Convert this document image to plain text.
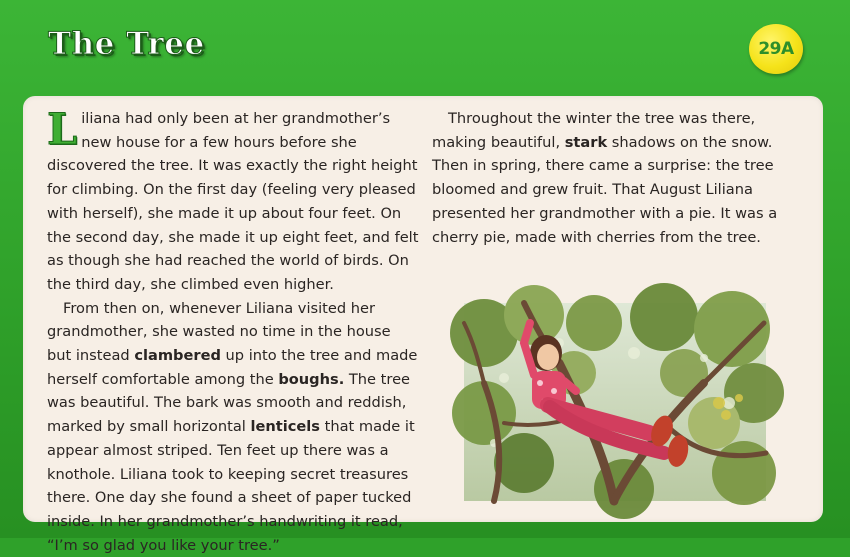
The Tree	29A

Liliana had only been at her grandmother’s new house for a few hours before she discovered the tree. It was exactly the right height for climbing. On the first day (feeling very pleased with herself), she made it up about four feet. On the second day, she made it up eight feet, and felt as though she had reached the world of birds. On the third day, she climbed even higher.

From then on, whenever Liliana visited her grandmother, she wasted no time in the house but instead clambered up into the tree and made herself comfortable among the boughs. The tree was beautiful. The bark was smooth and reddish, marked by small horizontal lenticels that made it appear almost striped. Ten feet up there was a knothole. Liliana took to keeping secret treasures there. One day she found a sheet of paper tucked inside. In her grandmother’s handwriting it read, “I’m so glad you like your tree.”

Throughout the winter the tree was there, making beautiful, stark shadows on the snow. Then in spring, there came a surprise: the tree bloomed and grew fruit. That August Liliana presented her grandmother with a pie. It was a cherry pie, made with cherries from the tree.
